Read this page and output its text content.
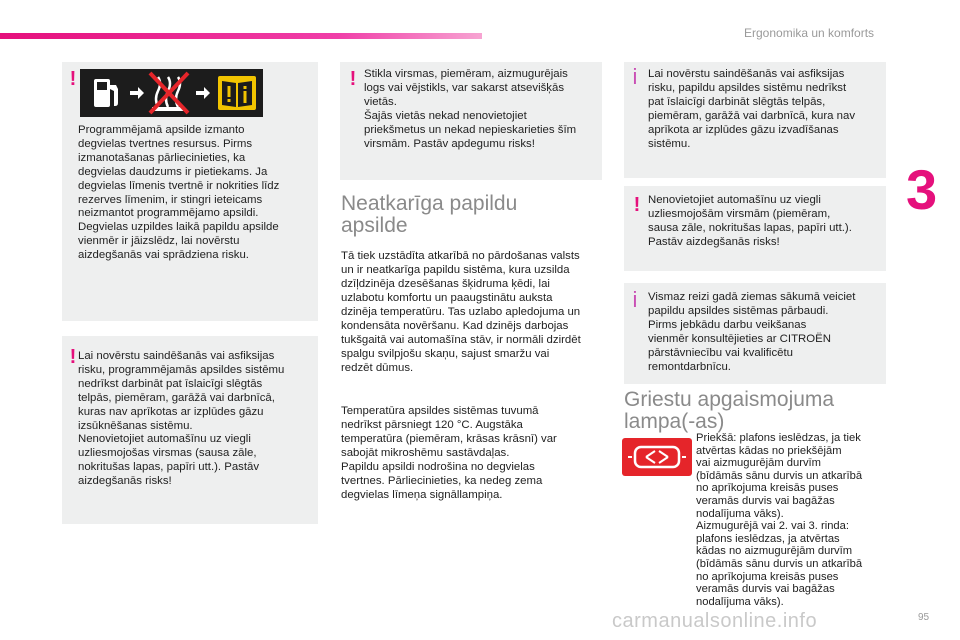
Ergonomika un komforts
3
!
Programmējamā apsilde izmanto
degvielas tvertnes resursus. Pirms
izmanotašanas pārliecinieties, ka
degvielas daudzums ir pietiekams. Ja
degvielas līmenis tvertnē ir nokrities līdz
rezerves līmenim, ir stingri ieteicams
neizmantot programmējamo apsildi.
Degvielas uzpildes laikā papildu apsilde
vienmēr ir jāizslēdz, lai novērstu
aizdegšanās vai sprādziena risku.
! Lai novērstu saindēšanās vai asfiksijas
risku, programmējamās apsildes sistēmu
nedrīkst darbināt pat īslaicīgi slēgtās
telpās, piemēram, garāžā vai darbnīcā,
kuras nav aprīkotas ar izplūdes gāzu
izsūknēšanas sistēmu.
Nenovietojiet automašīnu uz viegli
uzliesmojošas virsmas (sausa zāle,
nokritušas lapas, papīri utt.). Pastāv
aizdegšanās risks!
! Stikla virsmas, piemēram, aizmugurējais
logs vai vējstikls, var sakarst atsevišķās
vietās.
Šajās vietās nekad nenovietojiet
priekšmetus un nekad nepieskarieties šīm
virsmām. Pastāv apdegumu risks!
Neatkarīga papildu
apsilde
Tā tiek uzstādīta atkarībā no pārdošanas valsts
un ir neatkarīga papildu sistēma, kura uzsilda
dzīļdzinēja dzesēšanas šķidruma ķēdi, lai
uzlabotu komfortu un paaugstinātu auksta
dzinēja temperatūru. Tas uzlabo apledojuma un
kondensāta novēršanu. Kad dzinējs darbojas
tukšgaitā vai automašīna stāv, ir normāli dzirdēt
spalgu svilpjošu skaņu, sajust smaržu vai
redzēt dūmus.
Temperatūra apsildes sistēmas tuvumā
nedrīkst pārsniegt 120 °C. Augstāka
temperatūra (piemēram, krāsas krāsnī) var
sabojāt mikroshēmu sastāvdaļas.
Papildu apsildi nodrošina no degvielas
tvertnes. Pārliecinieties, ka nedeg zema
degvielas līmeņa signāllampiņa.
i Lai novērstu saindēšanās vai asfiksijas
risku, papildu apsildes sistēmu nedrīkst
pat īslaicīgi darbināt slēgtās telpās,
piemēram, garāžā vai darbnīcā, kura nav
aprīkota ar izplūdes gāzu izvadīšanas
sistēmu.
! Nenovietojiet automašīnu uz viegli
uzliesmojošām virsmām (piemēram,
sausa zāle, nokritušas lapas, papīri utt.).
Pastāv aizdegšanās risks!
i Vismaz reizi gadā ziemas sākumā veiciet
papildu apsildes sistēmas pārbaudi.
Pirms jebkādu darbu veikšanas
vienmēr konsultējieties ar CITROËN
pārstāvniecību vai kvalificētu
remontdarbnīcu.
Griestu apgaismojuma
lampa(-as)
Priekšā: plafons ieslēdzas, ja tiek
atvērtas kādas no priekšējām
vai aizmugurējām durvīm
(bīdāmās sānu durvis un atkarībā
no aprīkojuma kreisās puses
veramās durvis vai bagāžas
nodalījuma vāks).
Aizmugurējā vai 2. vai 3. rinda:
plafons ieslēdzas, ja atvērtas
kādas no aizmugurējām durvīm
(bīdāmās sānu durvis un atkarībā
no aprīkojuma kreisās puses
veramās durvis vai bagāžas
nodalījuma vāks).
carmanualsonline.info	95
